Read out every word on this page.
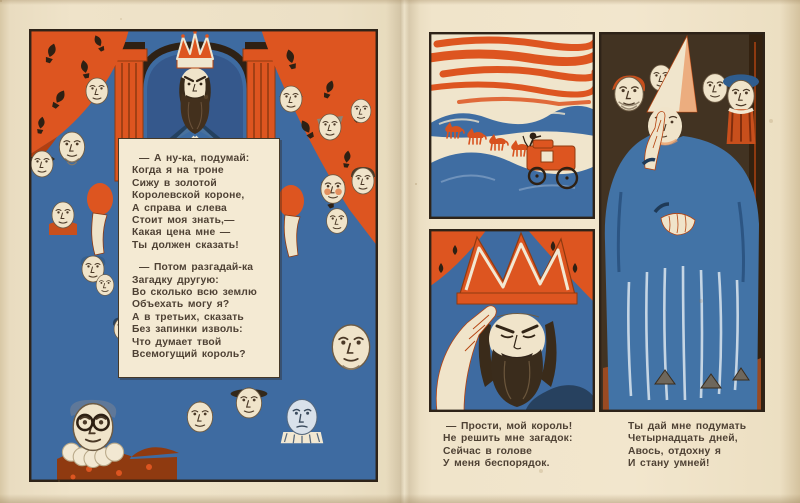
— А ну-ка, подумай:
Когда я на троне
Сижу в золотой
Королевской короне,
А справа и слева
Стоит моя знать,—
Какая цена мне —
Ты должен сказать!
— Потом разгадай-ка
Загадку другую:
Во сколько всю землю
Объехать могу я?
А в третьих, сказать
Без запинки изволь:
Что думает твой
Всемогущий король?
— Прости, мой король!
Не решить мне загадок:
Сейчас в голове
У меня беспорядок.
Ты дай мне подумать
Четырнадцать дней,
Авось, отдохну я
И стану умней!
